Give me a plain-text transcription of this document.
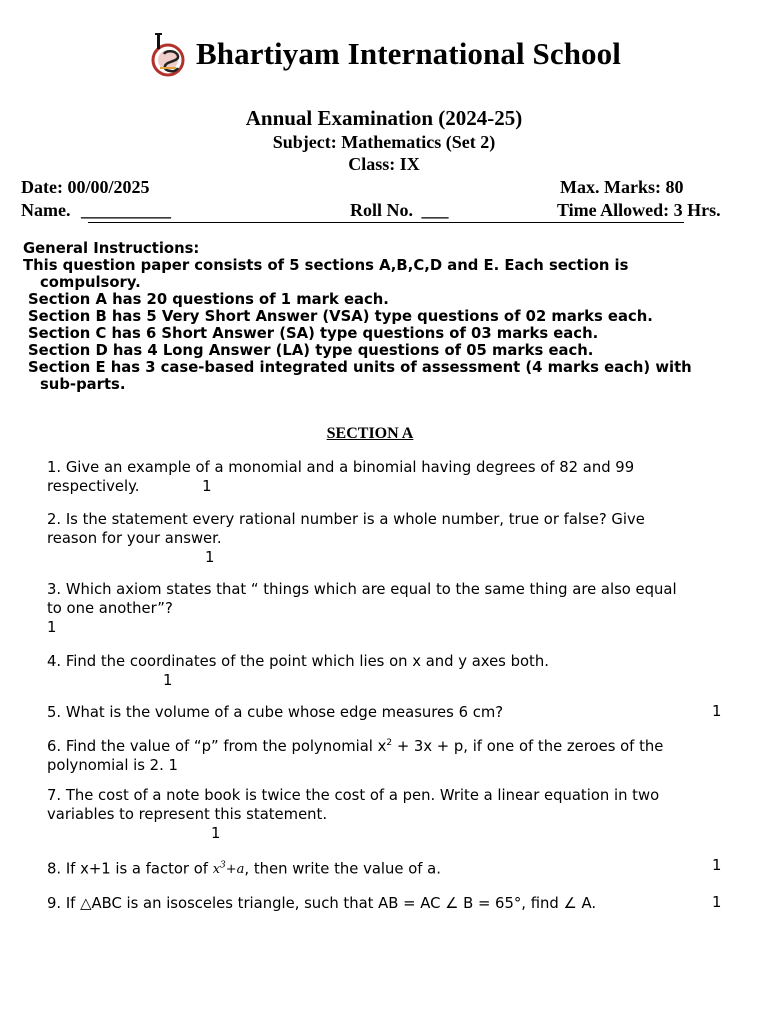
Bhartiyam International School
Annual Examination (2024-25)
Subject: Mathematics (Set 2)
Class: IX
Date: 00/00/2025	Max. Marks: 80
Name. __________	Roll No. ___	Time Allowed: 3 Hrs.
General Instructions:
This question paper consists of 5 sections A,B,C,D and E. Each section is
compulsory.
Section A has 20 questions of 1 mark each.
Section B has 5 Very Short Answer (VSA) type questions of 02 marks each.
Section C has 6 Short Answer (SA) type questions of 03 marks each.
Section D has 4 Long Answer (LA) type questions of 05 marks each.
Section E has 3 case-based integrated units of assessment (4 marks each) with
sub-parts.
SECTION A
1. Give an example of a monomial and a binomial having degrees of 82 and 99
respectively.	1
2. Is the statement every rational number is a whole number, true or false? Give
reason for your answer.
1
3. Which axiom states that “ things which are equal to the same thing are also equal
to one another”?
1
4. Find the coordinates of the point which lies on x and y axes both.
1
5. What is the volume of a cube whose edge measures 6 cm?	1
6. Find the value of “p” from the polynomial $x^2 + 3x + p$, if one of the zeroes of the
polynomial is 2. 1
7. The cost of a note book is twice the cost of a pen. Write a linear equation in two
variables to represent this statement.
1
8. If x+1 is a factor of $x^3+a$, then write the value of a.	1
9. If △ABC is an isosceles triangle, such that AB = AC ∠ B = 65°, find ∠ A.	1
